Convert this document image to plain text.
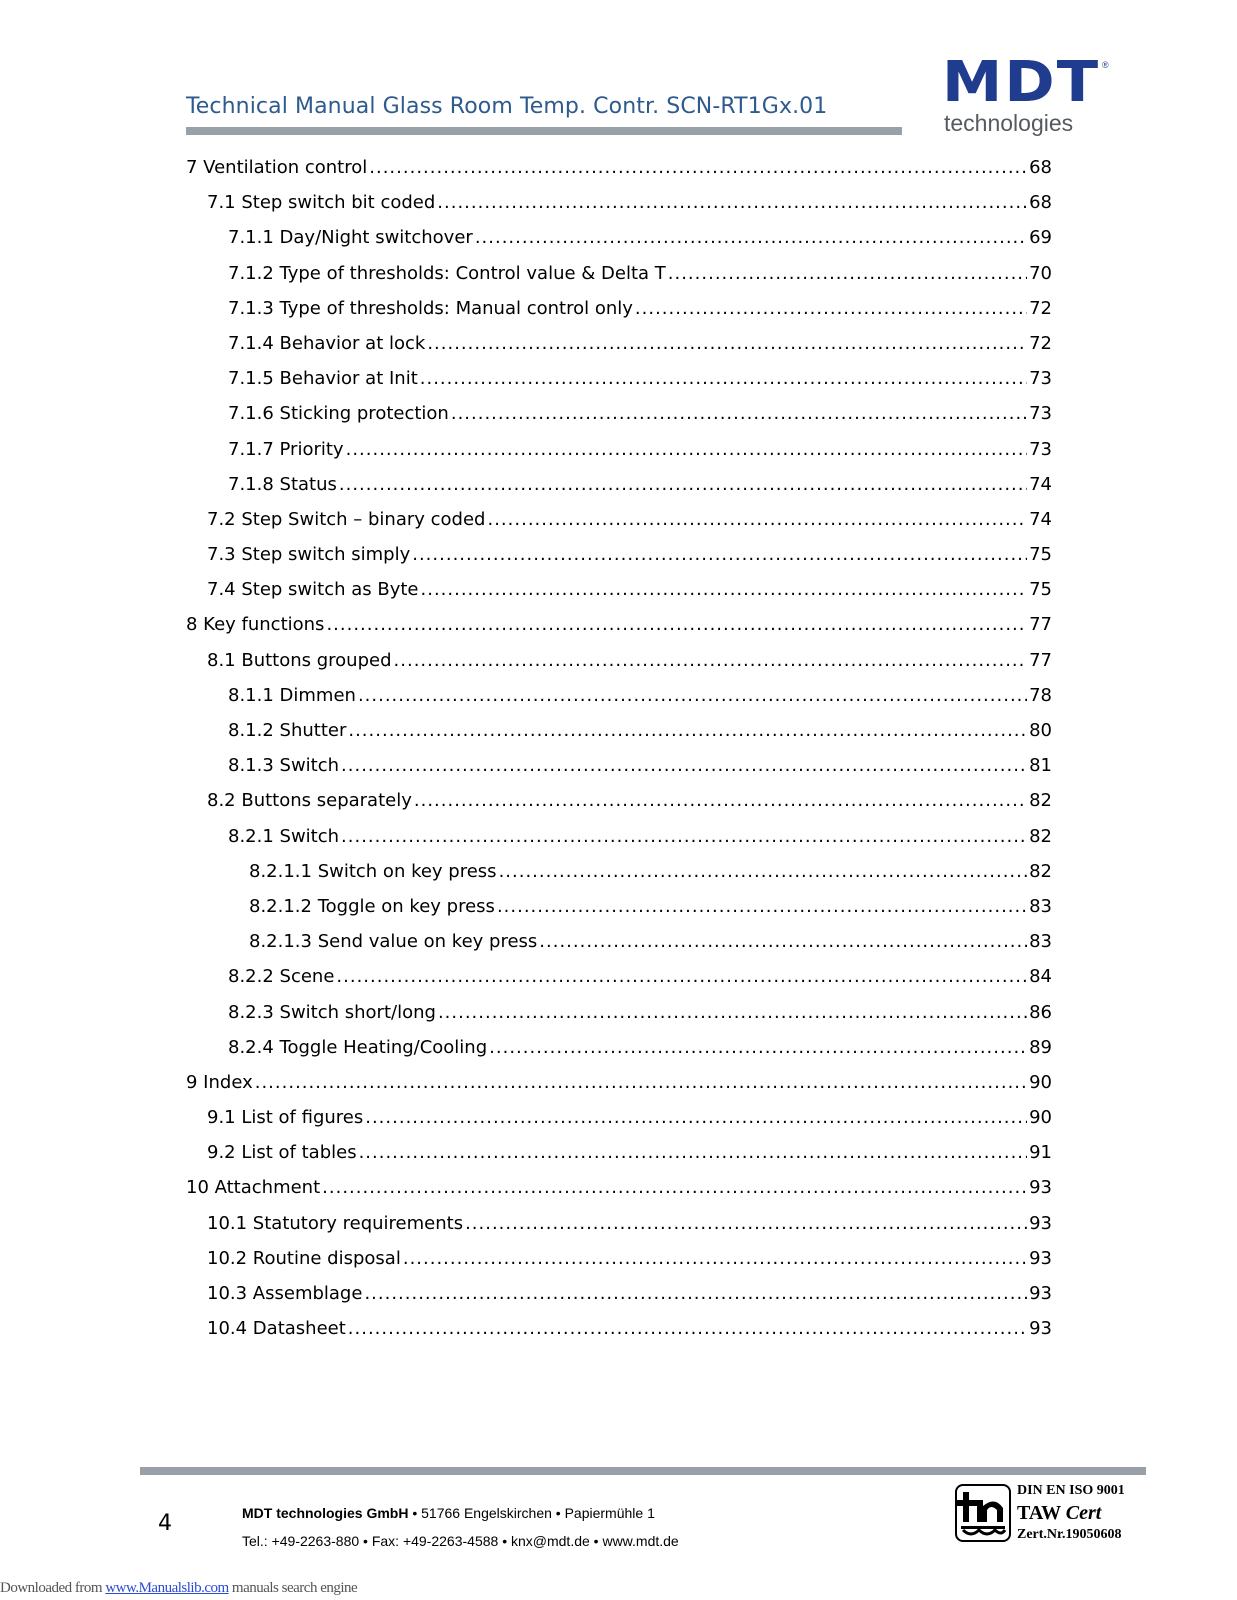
Technical Manual Glass Room Temp. Contr. SCN-RT1Gx.01 MDT
technologies
®
7 Ventilation control .....	68
7.1 Step switch bit coded .....	68
7.1.1 Day/Night switchover .....	69
7.1.2 Type of thresholds: Control value & Delta T .....	70
7.1.3 Type of thresholds: Manual control only .....	72
7.1.4 Behavior at lock .....	72
7.1.5 Behavior at Init .....	73
7.1.6 Sticking protection .....	73
7.1.7 Priority .....	73
7.1.8 Status .....	74
7.2 Step Switch – binary coded .....	74
7.3 Step switch simply .....	75
7.4 Step switch as Byte .....	75
8 Key functions .....	77
8.1 Buttons grouped .....	77
8.1.1 Dimmen .....	78
8.1.2 Shutter .....	80
8.1.3 Switch .....	81
8.2 Buttons separately .....	82
8.2.1 Switch .....	82
8.2.1.1 Switch on key press .....	82
8.2.1.2 Toggle on key press .....	83
8.2.1.3 Send value on key press .....	83
8.2.2 Scene .....	84
8.2.3 Switch short/long .....	86
8.2.4 Toggle Heating/Cooling .....	89
9 Index .....	90
9.1 List of figures .....	90
9.2 List of tables .....	91
10 Attachment .....	93
10.1 Statutory requirements .....	93
10.2 Routine disposal .....	93
10.3 Assemblage .....	93
10.4 Datasheet .....	93
4	MDT technologies GmbH • 51766 Engelskirchen • Papiermühle 1
Tel.: +49-2263-880 • Fax: +49-2263-4588 • knx@mdt.de • www.mdt.de
DIN EN ISO 9001
TAW Cert
Zert.Nr.19050608
Downloaded from www.Manualslib.com manuals search engine
